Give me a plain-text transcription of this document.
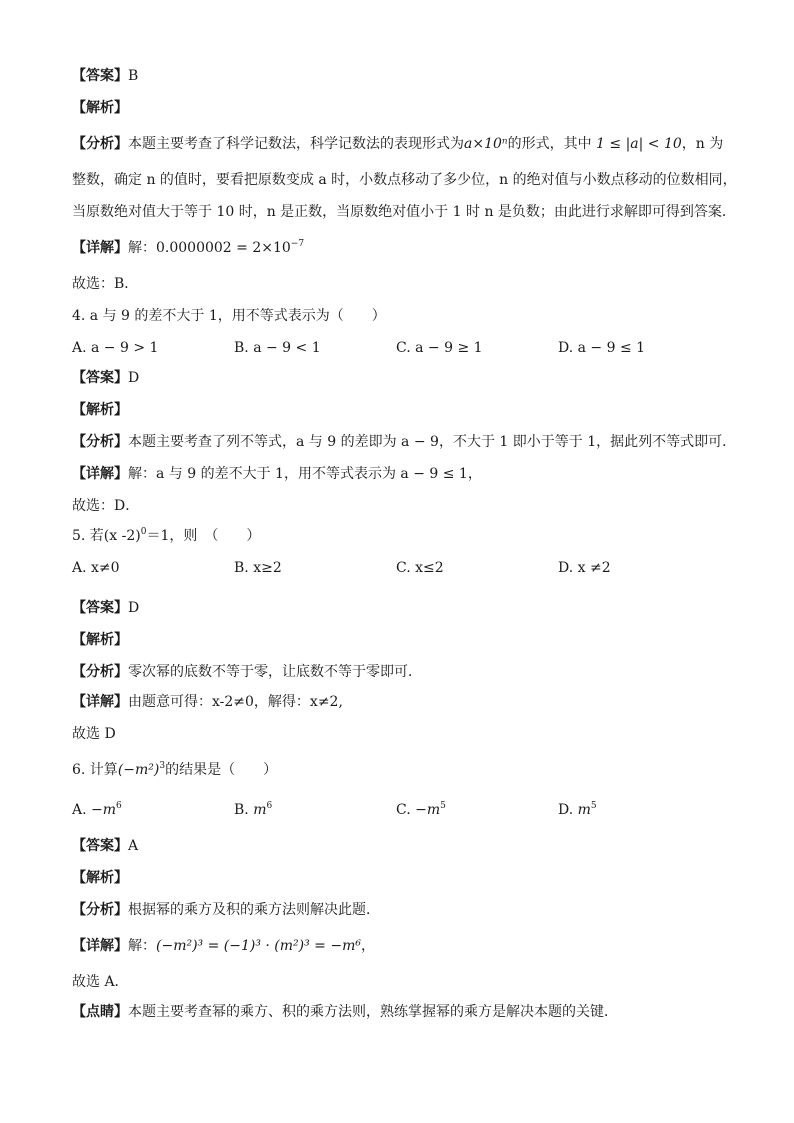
【答案】B
【解析】
【分析】本题主要考查了科学记数法，科学记数法的表现形式为a×10ⁿ的形式，其中 1 ≤ |a| < 10，n 为
整数，确定 n 的值时，要看把原数变成 a 时，小数点移动了多少位，n 的绝对值与小数点移动的位数相同，
当原数绝对值大于等于 10 时，n 是正数，当原数绝对值小于 1 时 n 是负数；由此进行求解即可得到答案．
【详解】解：$0.0000002 = 2\times 10^{-7}$
故选：B．
4. a 与 9 的差不大于 1，用不等式表示为（　　）
A. a − 9 > 1	B. a − 9 < 1	C. a − 9 ≥ 1	D. a − 9 ≤ 1
【答案】D
【解析】
【分析】本题主要考查了列不等式，a 与 9 的差即为 a − 9，不大于 1 即小于等于 1，据此列不等式即可．
【详解】解：a 与 9 的差不大于 1，用不等式表示为 a − 9 ≤ 1，
故选：D．
5. 若(x -2)$^0$＝1，则　（　　）
A. x≠0	B. x≥2	C. x≤2	D. x ≠2
【答案】D
【解析】
【分析】零次幂的底数不等于零，让底数不等于零即可．
【详解】由题意可得：x-2≠0，解得：x≠2,
故选 D
6. 计算$(-m^2)^3$的结果是（　　）
A. $-m^6$	B. $m^6$	C. $-m^5$	D. $m^5$
【答案】A
【解析】
【分析】根据幂的乘方及积的乘方法则解决此题．
【详解】解：(−m²)³ = (−1)³ · (m²)³ = −m⁶，
故选 A．
【点睛】本题主要考查幂的乘方、积的乘方法则，熟练掌握幂的乘方是解决本题的关键．
